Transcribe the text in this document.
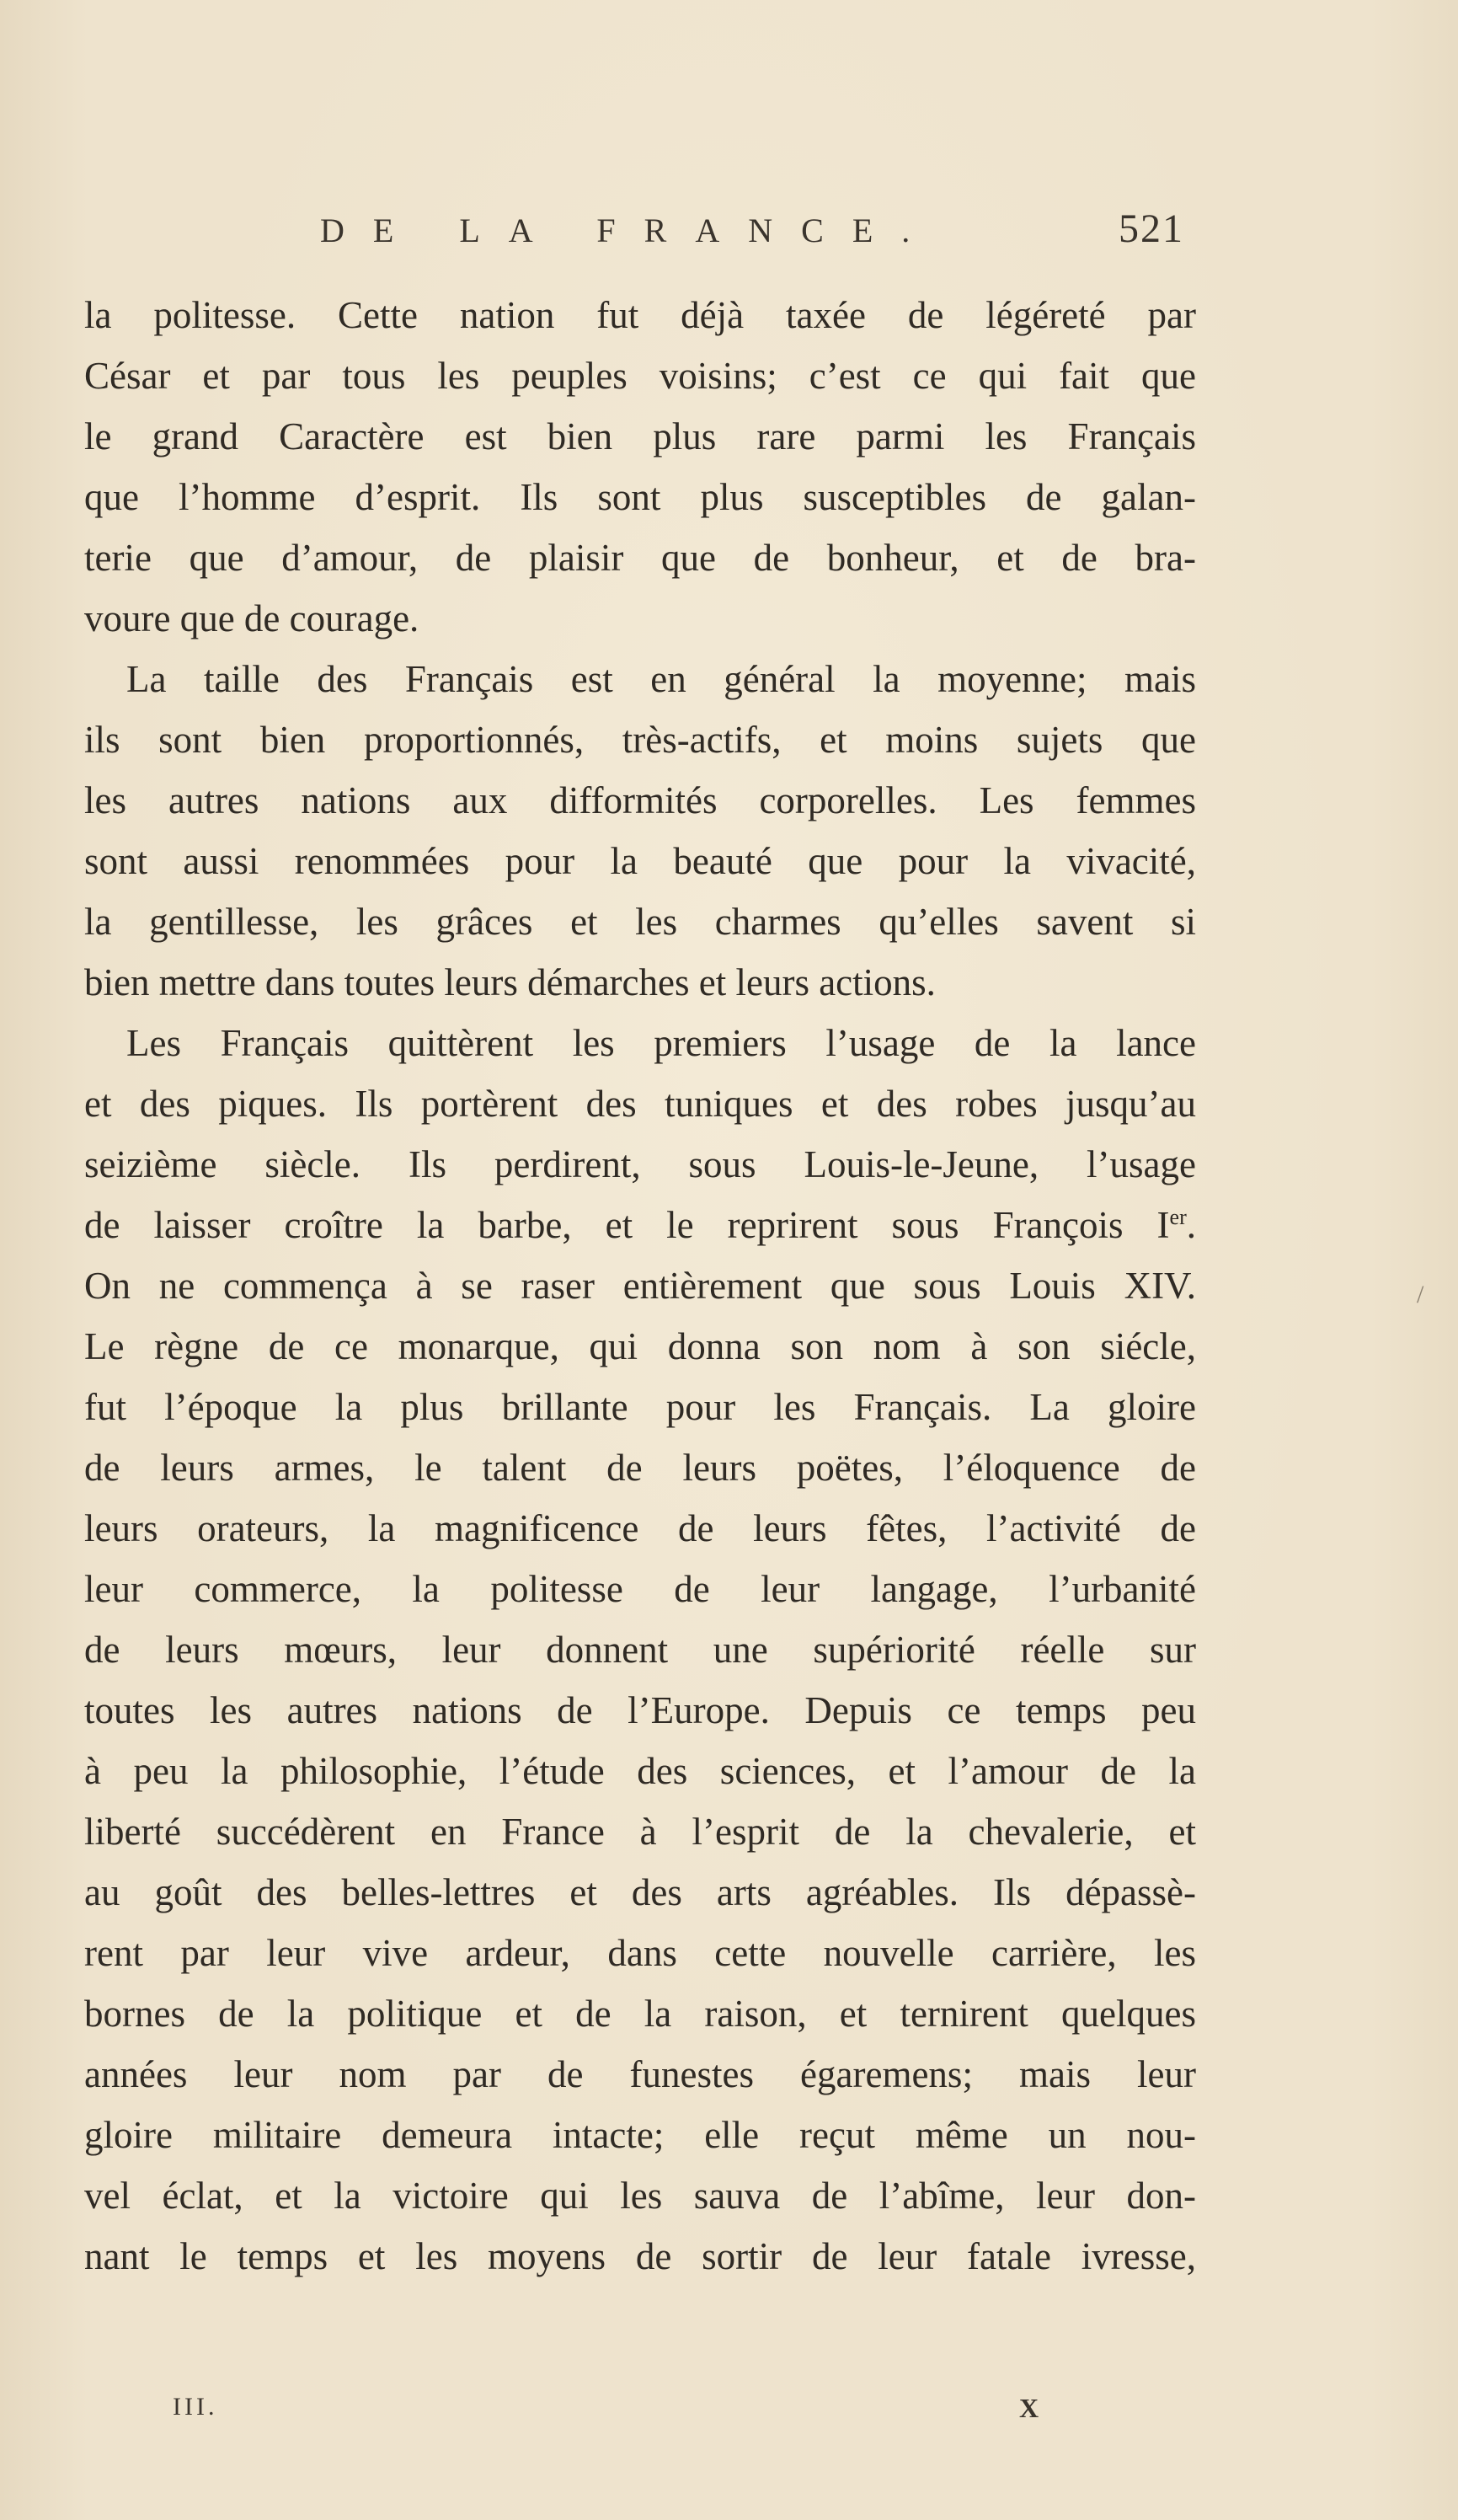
DE LA FRANCE.	521
la politesse. Cette nation fut déjà taxée de légéreté par
César et par tous les peuples voisins; c’est ce qui fait que
le grand Caractère est bien plus rare parmi les Français
que l’homme d’esprit. Ils sont plus susceptibles de galan-
terie que d’amour, de plaisir que de bonheur, et de bra-
voure que de courage.
La taille des Français est en général la moyenne; mais
ils sont bien proportionnés, très-actifs, et moins sujets que
les autres nations aux difformités corporelles. Les femmes
sont aussi renommées pour la beauté que pour la vivacité,
la gentillesse, les grâces et les charmes qu’elles savent si
bien mettre dans toutes leurs démarches et leurs actions.
Les Français quittèrent les premiers l’usage de la lance
et des piques. Ils portèrent des tuniques et des robes jusqu’au
seizième siècle. Ils perdirent, sous Louis-le-Jeune, l’usage
de laisser croître la barbe, et le reprirent sous François Ier.
On ne commença à se raser entièrement que sous Louis XIV.
Le règne de ce monarque, qui donna son nom à son siécle,
fut l’époque la plus brillante pour les Français. La gloire
de leurs armes, le talent de leurs poëtes, l’éloquence de
leurs orateurs, la magnificence de leurs fêtes, l’activité de
leur commerce, la politesse de leur langage, l’urbanité
de leurs mœurs, leur donnent une supériorité réelle sur
toutes les autres nations de l’Europe. Depuis ce temps peu
à peu la philosophie, l’étude des sciences, et l’amour de la
liberté succédèrent en France à l’esprit de la chevalerie, et
au goût des belles-lettres et des arts agréables. Ils dépassè-
rent par leur vive ardeur, dans cette nouvelle carrière, les
bornes de la politique et de la raison, et ternirent quelques
années leur nom par de funestes égaremens; mais leur
gloire militaire demeura intacte; elle reçut même un nou-
vel éclat, et la victoire qui les sauva de l’abîme, leur don-
nant le temps et les moyens de sortir de leur fatale ivresse,
III.	X
/
